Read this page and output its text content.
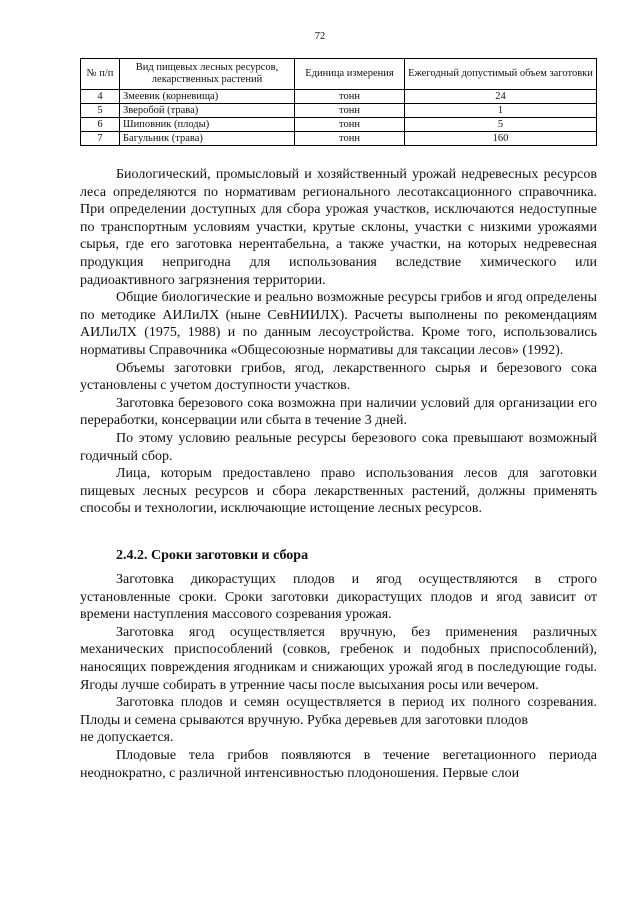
72
№ п/п	Вид пищевых лесных ресурсов, лекарственных растений	Единица измерения	Ежегодный допустимый объем заготовки
4	Змеевик (корневища)	тонн	24
5	Зверобой (трава)	тонн	1
6	Шиповник (плоды)	тонн	5
7	Багульник (трава)	тонн	160

Биологический, промысловый и хозяйственный урожай недревесных ресурсов леса определяются по нормативам регионального лесотаксационного справочника. При определении доступных для сбора урожая участков, исключаются недоступные по транспортным условиям участки, крутые склоны, участки с низкими урожаями сырья, где его заготовка нерентабельна, а также участки, на которых недревесная продукция непригодна для использования вследствие химического или радиоактивного загрязнения территории.

Общие биологические и реально возможные ресурсы грибов и ягод определены по методике АИЛиЛХ (ныне СевНИИЛХ). Расчеты выполнены по рекомендациям АИЛиЛХ (1975, 1988) и по данным лесоустройства. Кроме того, использовались нормативы Справочника «Общесоюзные нормативы для таксации лесов» (1992).

Объемы заготовки грибов, ягод, лекарственного сырья и березового сока установлены с учетом доступности участков.

Заготовка березового сока возможна при наличии условий для организации его переработки, консервации или сбыта в течение 3 дней.

По этому условию реальные ресурсы березового сока превышают возможный годичный сбор.

Лица, которым предоставлено право использования лесов для заготовки пищевых лесных ресурсов и сбора лекарственных растений, должны применять способы и технологии, исключающие истощение лесных ресурсов.

2.4.2. Сроки заготовки и сбора

Заготовка дикорастущих плодов и ягод осуществляются в строго установленные сроки. Сроки заготовки дикорастущих плодов и ягод зависит от времени наступления массового созревания урожая.

Заготовка ягод осуществляется вручную, без применения различных механических приспособлений (совков, гребенок и подобных приспособлений), наносящих повреждения ягодникам и снижающих урожай ягод в последующие годы. Ягоды лучше собирать в утренние часы после высыхания росы или вечером.

Заготовка плодов и семян осуществляется в период их полного созревания. Плоды и семена срываются вручную. Рубка деревьев для заготовки плодов

не допускается.

Плодовые тела грибов появляются в течение вегетационного периода неоднократно, с различной интенсивностью плодоношения. Первые слои
